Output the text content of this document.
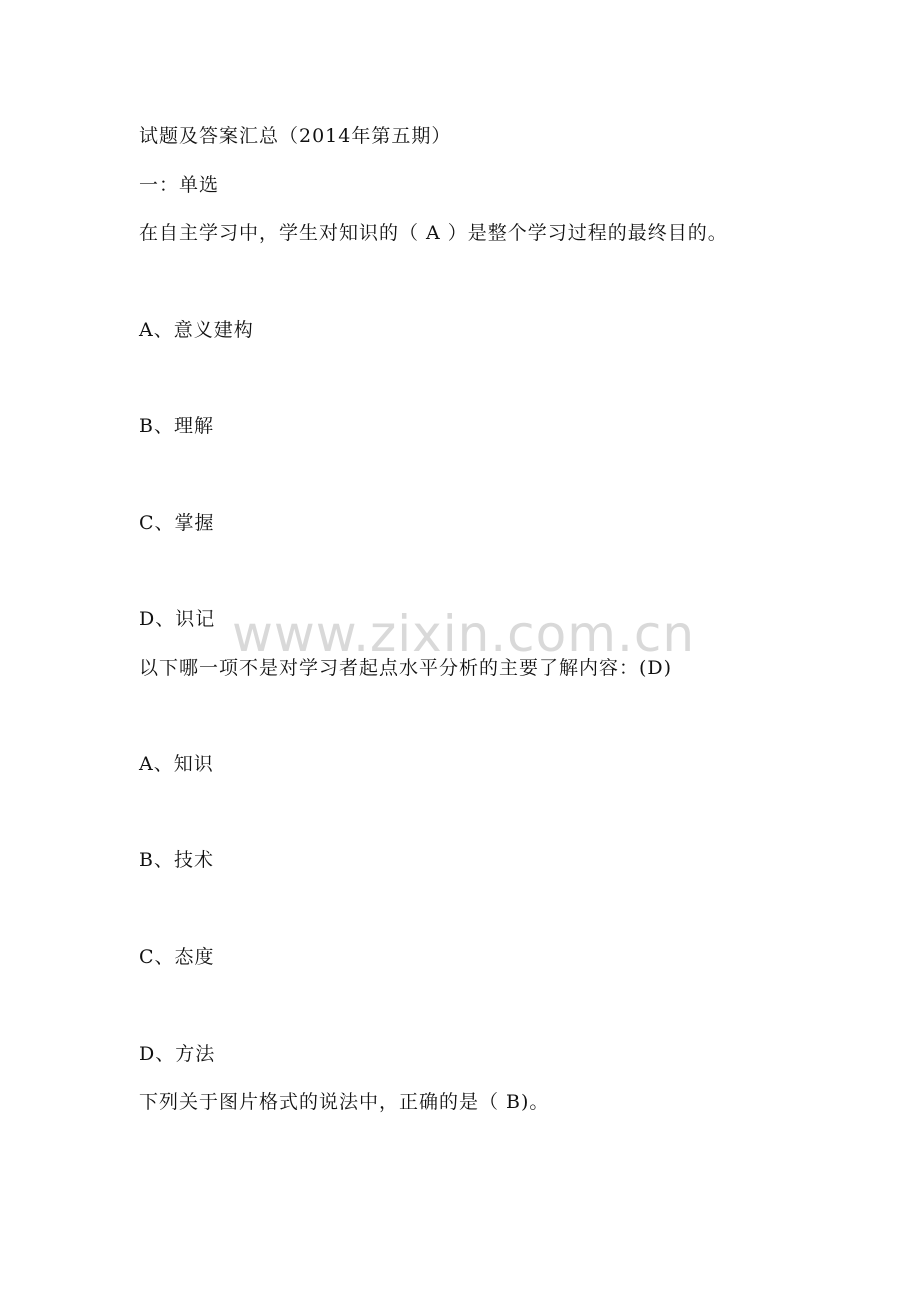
www.zixin.com.cn
试题及答案汇总（2014年第五期）
一：单选
在自主学习中，学生对知识的（ A ）是整个学习过程的最终目的。
A、意义建构
B、理解
C、掌握
D、识记
以下哪一项不是对学习者起点水平分析的主要了解内容：(D)
A、知识
B、技术
C、态度
D、方法
下列关于图片格式的说法中，正确的是（ B)。
